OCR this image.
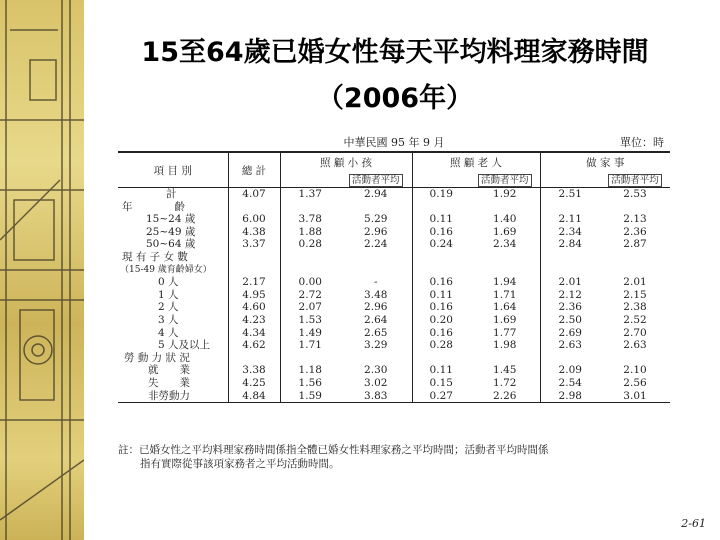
15至64歲已婚女性每天平均料理家務時間
（2006年）
中華民國 95 年 9 月	單位：時
項 目 別	總 計	照 顧 小 孩		照 顧 老 人		做 家 事	
			活動者平均		活動者平均		活動者平均
計	4.07	1.37	2.94	0.19	1.92	2.51	2.53
年　　　　齡							
15~24 歲	6.00	3.78	5.29	0.11	1.40	2.11	2.13
25~49 歲	4.38	1.88	2.96	0.16	1.69	2.34	2.36
50~64 歲	3.37	0.28	2.24	0.24	2.34	2.84	2.87
現 有 子 女 數							
（15-49 歲育齡婦女）							
0 人	2.17	0.00	-	0.16	1.94	2.01	2.01
1 人	4.95	2.72	3.48	0.11	1.71	2.12	2.15
2 人	4.60	2.07	2.96	0.16	1.64	2.36	2.38
3 人	4.23	1.53	2.64	0.20	1.69	2.50	2.52
4 人	4.34	1.49	2.65	0.16	1.77	2.69	2.70
5 人及以上	4.62	1.71	3.29	0.28	1.98	2.63	2.63
勞 動 力 狀 況							
就　　業	3.38	1.18	2.30	0.11	1.45	2.09	2.10
失　　業	4.25	1.56	3.02	0.15	1.72	2.54	2.56
非勞動力	4.84	1.59	3.83	0.27	2.26	2.98	3.01
註：已婚女性之平均料理家務時間係指全體已婚女性料理家務之平均時間；活動者平均時間係
指有實際從事該項家務者之平均活動時間。
2-61
